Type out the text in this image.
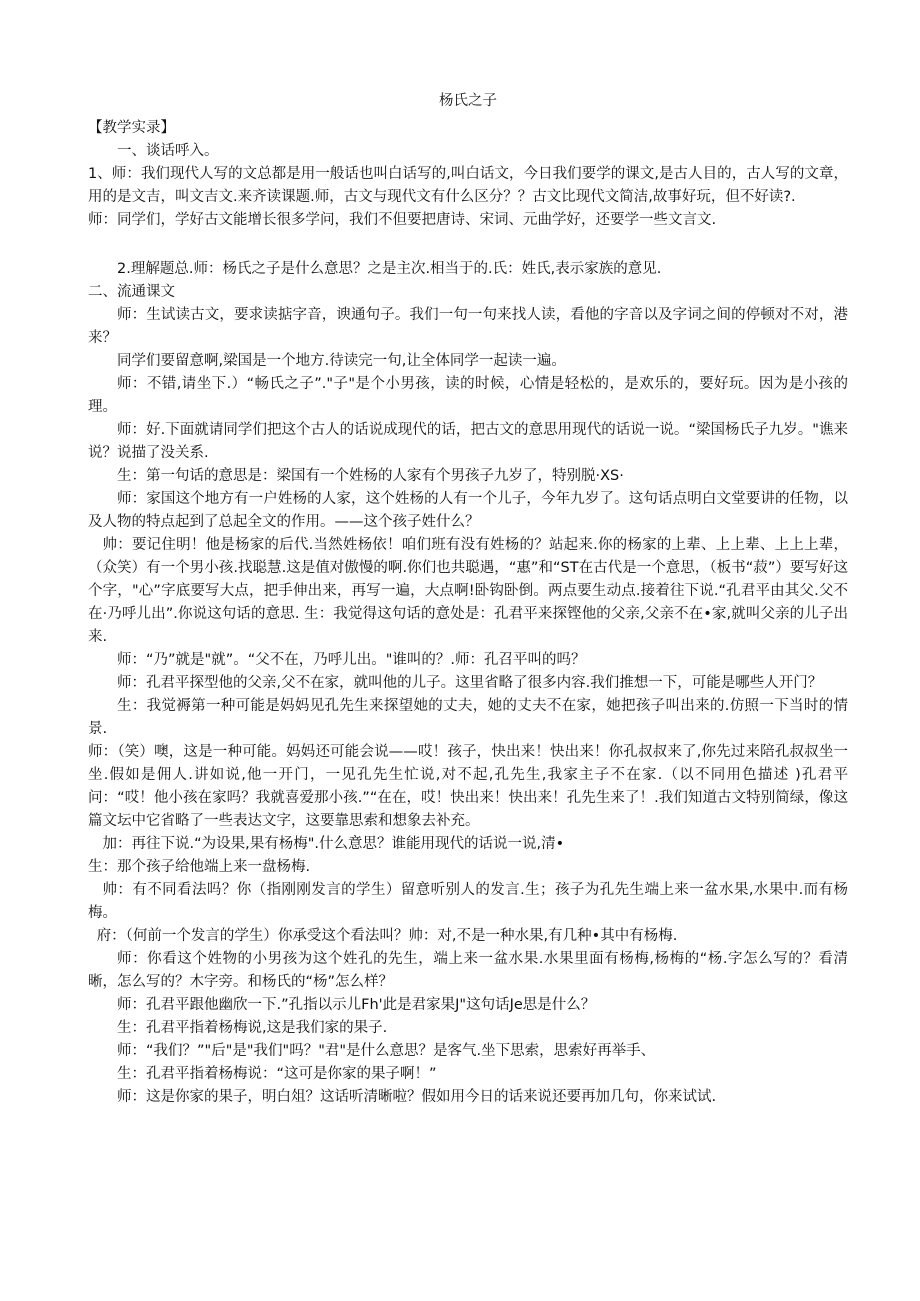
杨氏之子

【教学实录】

一、谈话呼入。

1、师：我们现代人写的文总都是用一般话也叫白话写的,叫白话文，今日我们要学的课文,是古人目的，古人写的文章，用的是文吉，叫文吉文.来齐读课题.师，古文与现代文有什么区分？？古文比现代文简洁,故事好玩，但不好读?.

师：同学们，学好古文能增长很多学问，我们不但要把唐诗、宋词、元曲学好，还要学一些文言文.

2.理解题总.师：杨氏之子是什么意思？之是主次.相当于的.氏：姓氏,表示家族的意见.

二、流通课文

师：生试读古文，要求读掂字音，谀通句子。我们一句一句来找人读，看他的字音以及字词之间的停顿对不对，港来？

同学们要留意啊,梁国是一个地方.待读完一句,让全体同学一起读一遍。

师：不错,请坐下.）“畅氏之子”."子"是个小男孩，读的时候，心情是轻松的，是欢乐的，要好玩。因为是小孩的理。

师：好.下面就请同学们把这个古人的话说成现代的话，把古文的意思用现代的话说一说。“梁国杨氏子九岁。"谯来说？说描了没关系.

生：第一句话的意思是：梁国有一个姓杨的人家有个男孩子九岁了，特别脱·XS·

师：家国这个地方有一户姓杨的人家，这个姓杨的人有一个儿子，今年九岁了。这句话点明白文堂要讲的任物，以及人物的特点起到了总起全文的作用。——这个孩子姓什么？

帅：要记住明！他是杨家的后代.当然姓杨依！咱们班有没有姓杨的？站起来.你的杨家的上辈、上上辈、上上上辈，（众笑）有一个男小孩.找聪慧.这是值对傲慢的啊.你们也共聪遇，“惠”和“ST在古代是一个意思，（板书“菽”）要写好这个字，"心”字底要写大点，把手伸出来，再写一遍，大点啊!卧钩卧倒。两点要生动点.接着往下说.“孔君平由其父.父不在·乃呼儿出”.你说这句话的意思. 生：我觉得这句话的意处是：孔君平来探铿他的父亲,父亲不在•家,就叫父亲的儿子出来.

师：“乃”就是"就”。“父不在，乃呼儿出。"谁叫的？.师：孔召平叫的吗？

师：孔君平探型他的父亲,父不在家，就叫他的儿子。这里省略了很多内容.我们推想一下，可能是哪些人开门？

生：我觉褥第一种可能是妈妈见孔先生来探望她的丈夫，她的丈夫不在家，她把孩子叫出来的.仿照一下当时的情景.

师：（笑）噢，这是一种可能。妈妈还可能会说——哎！孩子，快出来！快出来！你孔叔叔来了,你先过来陪孔叔叔坐一坐.假如是佣人.讲如说,他一开门，一见孔先生忙说,对不起,孔先生,我家主子不在家.（以不同用色描述 )孔君平问：“哎！他小孩在家吗？我就喜爱那小孩.”“在在，哎！快出来！快出来！孔先生来了！.我们知道古文特别简绿，像这篇文坛中它省略了一些表达文字，这要靠思索和想象去补充。

加：再往下说.“为设果,果有杨梅".什么意思？谁能用现代的话说一说,清•

生：那个孩子给他端上来一盘杨梅.

帅：有不同看法吗？你（指刚刚发言的学生）留意听别人的发言.生；孩子为孔先生端上来一盆水果,水果中.而有杨梅。

府：（何前一个发言的学生）你承受这个看法叫？帅：对,不是一种水果,有几种•其中有杨梅.

师：你看这个姓物的小男孩为这个姓孔的先生，端上来一盆水果.水果里面有杨梅,杨梅的“杨.字怎么写的？看清晰，怎么写的？木字旁。和杨氏的“杨”怎么样？

师：孔君平跟他幽欣一下.”孔指以示儿Fh'此是君家果J"这句话Je思是什么？

生：孔君平指着杨梅说,这是我们家的果子.

师：“我们？”"后"是"我们"吗？"君"是什么意思？是客气.坐下思索，思索好再举手、

生：孔君平指着杨梅说：“这可是你家的果子啊！”

师：这是你家的果子，明白俎？这话听清晰啦？假如用今日的话来说还要再加几句，你来试试.
